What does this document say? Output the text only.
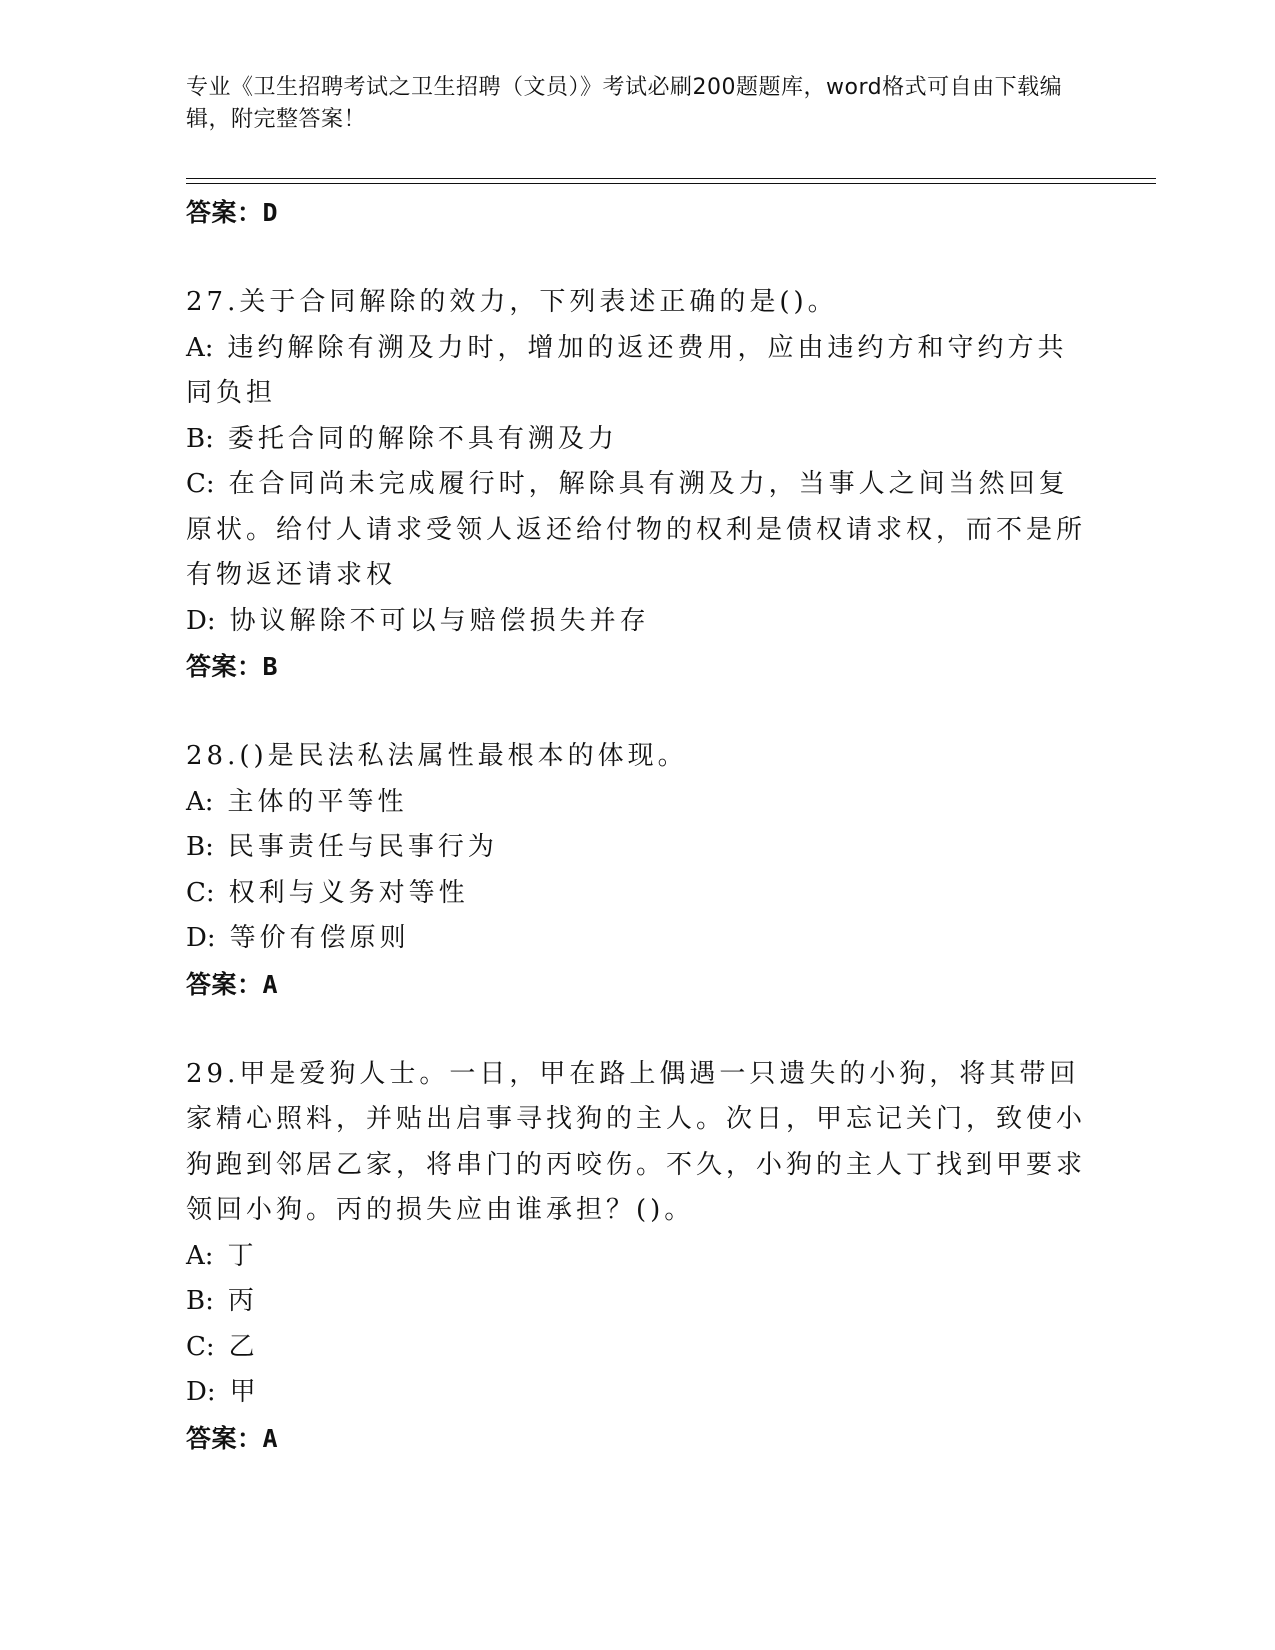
专业《卫生招聘考试之卫生招聘（文员）》考试必刷200题题库，word格式可自由下载编辑，附完整答案！
答案：D

27.关于合同解除的效力，下列表述正确的是()。

A: 违约解除有溯及力时，增加的返还费用，应由违约方和守约方共同负担

B: 委托合同的解除不具有溯及力

C: 在合同尚未完成履行时，解除具有溯及力，当事人之间当然回复原状。给付人请求受领人返还给付物的权利是债权请求权，而不是所有物返还请求权

D: 协议解除不可以与赔偿损失并存

答案：B

28.()是民法私法属性最根本的体现。

A: 主体的平等性

B: 民事责任与民事行为

C: 权利与义务对等性

D: 等价有偿原则

答案：A

29.甲是爱狗人士。一日，甲在路上偶遇一只遗失的小狗，将其带回家精心照料，并贴出启事寻找狗的主人。次日，甲忘记关门，致使小狗跑到邻居乙家，将串门的丙咬伤。不久，小狗的主人丁找到甲要求领回小狗。丙的损失应由谁承担？()。

A: 丁

B: 丙

C: 乙

D: 甲

答案：A
